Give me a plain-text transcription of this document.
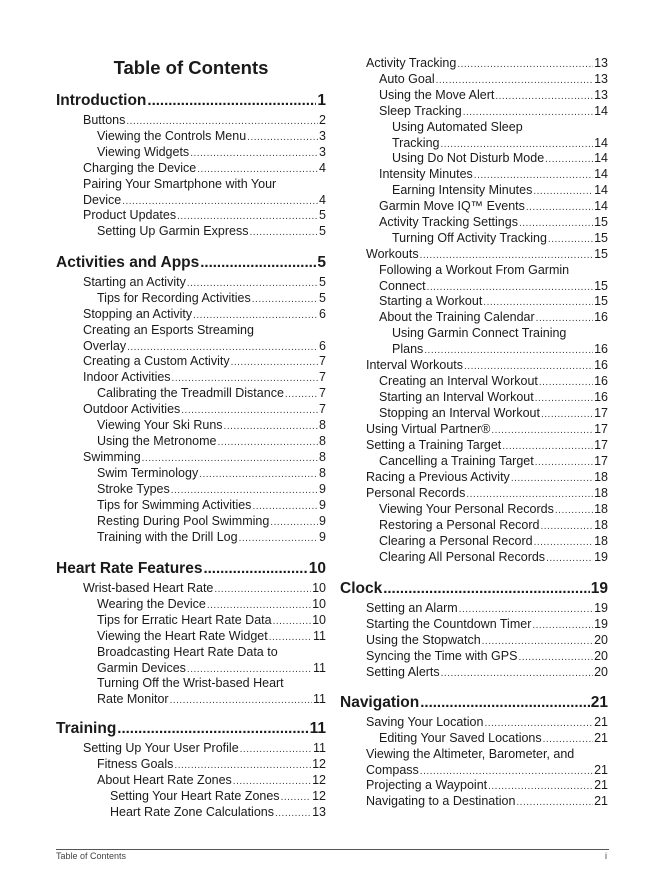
Table of Contents
Introduction .....	1
Buttons .....	2
Viewing the Controls Menu .....	3
Viewing Widgets .....	3
Charging the Device .....	4
Pairing Your Smartphone with Your
Device .....	4
Product Updates .....	5
Setting Up Garmin Express .....	5
Activities and Apps .....	5
Starting an Activity .....	5
Tips for Recording Activities .....	5
Stopping an Activity .....	6
Creating an Esports Streaming
Overlay .....	6
Creating a Custom Activity .....	7
Indoor Activities .....	7
Calibrating the Treadmill Distance .....	7
Outdoor Activities .....	7
Viewing Your Ski Runs .....	8
Using the Metronome .....	8
Swimming .....	8
Swim Terminology .....	8
Stroke Types .....	9
Tips for Swimming Activities .....	9
Resting During Pool Swimming .....	9
Training with the Drill Log .....	9
Heart Rate Features .....	10
Wrist-based Heart Rate .....	10
Wearing the Device .....	10
Tips for Erratic Heart Rate Data .....	10
Viewing the Heart Rate Widget .....	11
Broadcasting Heart Rate Data to
Garmin Devices .....	11
Turning Off the Wrist-based Heart
Rate Monitor .....	11
Training .....	11
Setting Up Your User Profile .....	11
Fitness Goals .....	12
About Heart Rate Zones .....	12
Setting Your Heart Rate Zones .....	12
Heart Rate Zone Calculations .....	13
Activity Tracking .....	13
Auto Goal .....	13
Using the Move Alert .....	13
Sleep Tracking .....	14
Using Automated Sleep
Tracking .....	14
Using Do Not Disturb Mode .....	14
Intensity Minutes .....	14
Earning Intensity Minutes .....	14
Garmin Move IQ™ Events .....	14
Activity Tracking Settings .....	15
Turning Off Activity Tracking .....	15
Workouts .....	15
Following a Workout From Garmin
Connect .....	15
Starting a Workout .....	15
About the Training Calendar .....	16
Using Garmin Connect Training
Plans .....	16
Interval Workouts .....	16
Creating an Interval Workout .....	16
Starting an Interval Workout .....	16
Stopping an Interval Workout .....	17
Using Virtual Partner® .....	17
Setting a Training Target .....	17
Cancelling a Training Target .....	17
Racing a Previous Activity .....	18
Personal Records .....	18
Viewing Your Personal Records .....	18
Restoring a Personal Record .....	18
Clearing a Personal Record .....	18
Clearing All Personal Records .....	19
Clock .....	19
Setting an Alarm .....	19
Starting the Countdown Timer .....	19
Using the Stopwatch .....	20
Syncing the Time with GPS .....	20
Setting Alerts .....	20
Navigation .....	21
Saving Your Location .....	21
Editing Your Saved Locations .....	21
Viewing the Altimeter, Barometer, and
Compass .....	21
Projecting a Waypoint .....	21
Navigating to a Destination .....	21
Table of Contents	i
